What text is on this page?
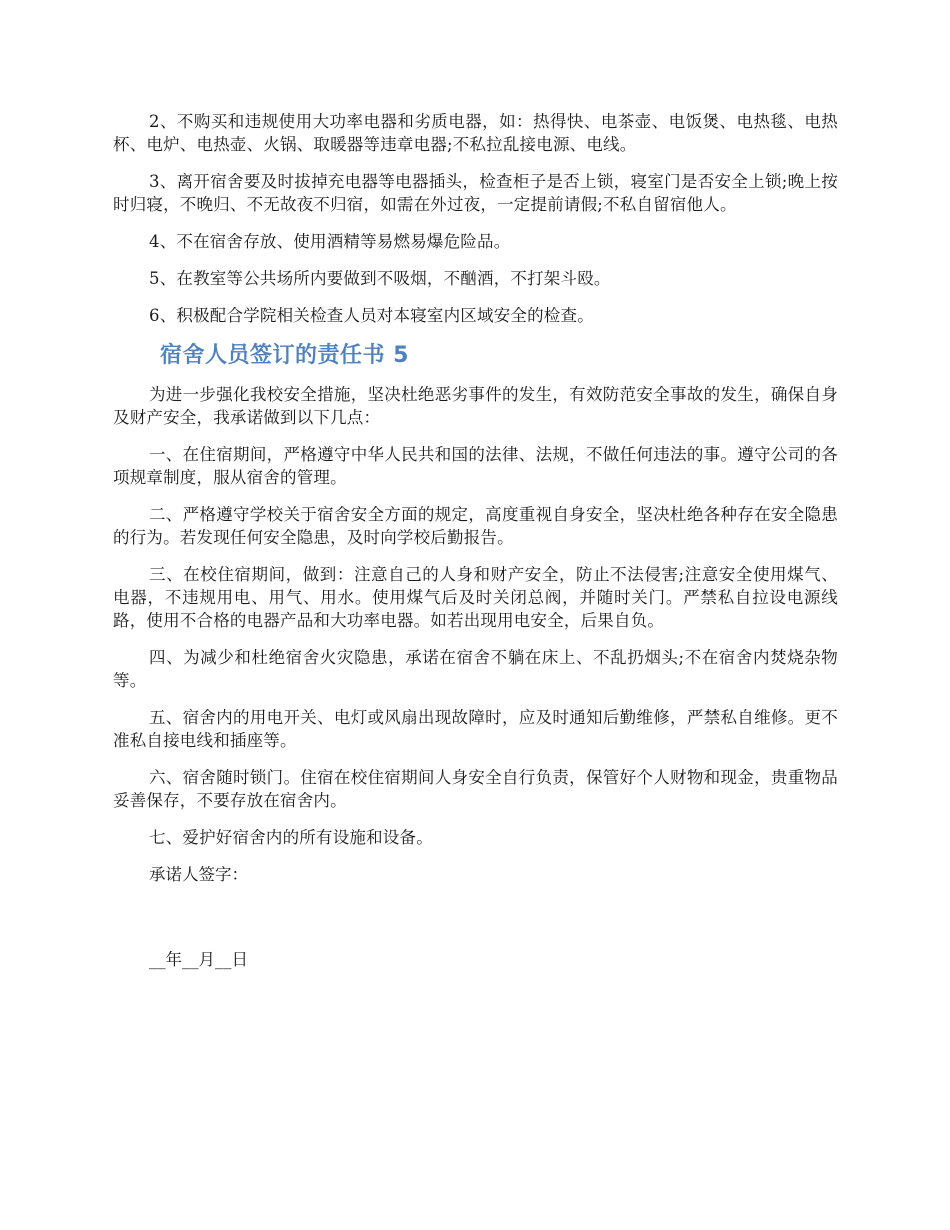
2、不购买和违规使用大功率电器和劣质电器，如：热得快、电茶壶、电饭煲、电热毯、电热杯、电炉、电热壶、火锅、取暖器等违章电器;不私拉乱接电源、电线。

3、离开宿舍要及时拔掉充电器等电器插头，检查柜子是否上锁，寝室门是否安全上锁;晚上按时归寝，不晚归、不无故夜不归宿，如需在外过夜，一定提前请假;不私自留宿他人。

4、不在宿舍存放、使用酒精等易燃易爆危险品。

5、在教室等公共场所内要做到不吸烟，不酗酒，不打架斗殴。

6、积极配合学院相关检查人员对本寝室内区域安全的检查。

宿舍人员签订的责任书 5

为进一步强化我校安全措施，坚决杜绝恶劣事件的发生，有效防范安全事故的发生，确保自身及财产安全，我承诺做到以下几点：

一、在住宿期间，严格遵守中华人民共和国的法律、法规，不做任何违法的事。遵守公司的各项规章制度，服从宿舍的管理。

二、严格遵守学校关于宿舍安全方面的规定，高度重视自身安全，坚决杜绝各种存在安全隐患的行为。若发现任何安全隐患，及时向学校后勤报告。

三、在校住宿期间，做到：注意自己的人身和财产安全，防止不法侵害;注意安全使用煤气、电器，不违规用电、用气、用水。使用煤气后及时关闭总阀，并随时关门。严禁私自拉设电源线路，使用不合格的电器产品和大功率电器。如若出现用电安全，后果自负。

四、为减少和杜绝宿舍火灾隐患，承诺在宿舍不躺在床上、不乱扔烟头;不在宿舍内焚烧杂物等。

五、宿舍内的用电开关、电灯或风扇出现故障时，应及时通知后勤维修，严禁私自维修。更不准私自接电线和插座等。

六、宿舍随时锁门。住宿在校住宿期间人身安全自行负责，保管好个人财物和现金，贵重物品妥善保存，不要存放在宿舍内。

七、爱护好宿舍内的所有设施和设备。

承诺人签字：
__年__月__日
